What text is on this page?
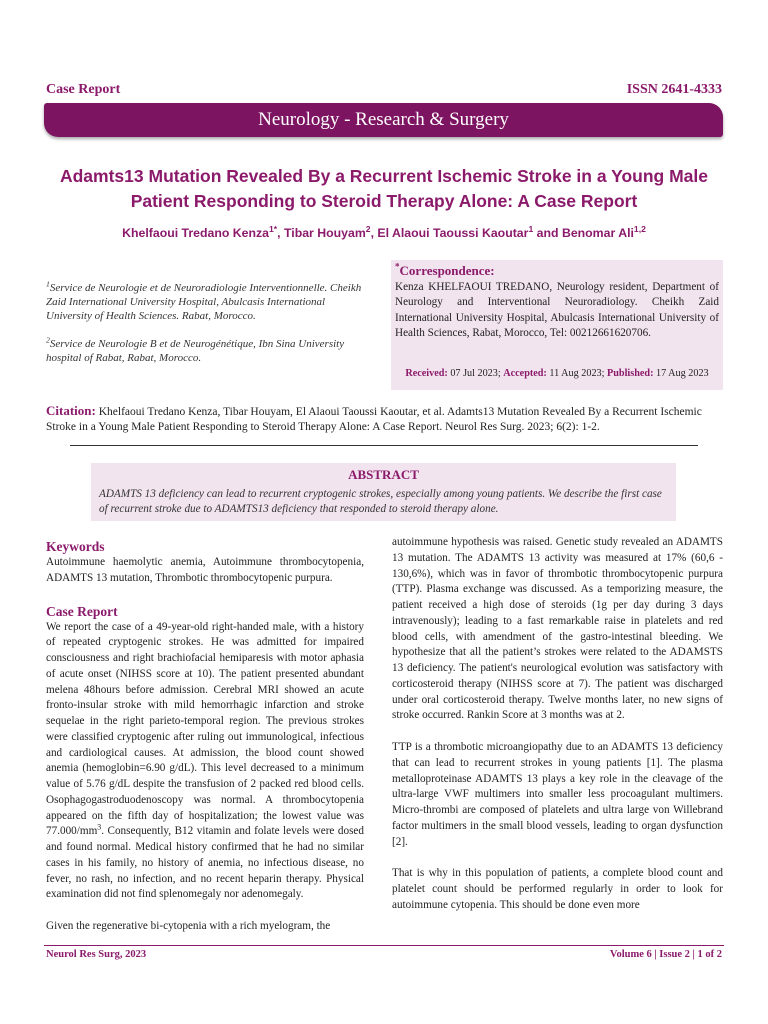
Case Report	ISSN 2641-4333
Neurology - Research & Surgery
Adamts13 Mutation Revealed By a Recurrent Ischemic Stroke in a Young Male Patient Responding to Steroid Therapy Alone: A Case Report
Khelfaoui Tredano Kenza$^{1*}$, Tibar Houyam$^2$, El Alaoui Taoussi Kaoutar$^1$ and Benomar Ali$^{1,2}$
$^1$Service de Neurologie et de Neuroradiologie Interventionnelle. Cheikh Zaid International University Hospital, Abulcasis International University of Health Sciences. Rabat, Morocco.
$^2$Service de Neurologie B et de Neurogénétique, Ibn Sina University hospital of Rabat, Rabat, Morocco.
*Correspondence:
Kenza KHELFAOUI TREDANO, Neurology resident, Department of Neurology and Interventional Neuroradiology. Cheikh Zaid International University Hospital, Abulcasis International University of Health Sciences, Rabat, Morocco, Tel: 00212661620706.
Received: 07 Jul 2023; Accepted: 11 Aug 2023; Published: 17 Aug 2023
Citation: Khelfaoui Tredano Kenza, Tibar Houyam, El Alaoui Taoussi Kaoutar, et al. Adamts13 Mutation Revealed By a Recurrent Ischemic Stroke in a Young Male Patient Responding to Steroid Therapy Alone: A Case Report. Neurol Res Surg. 2023; 6(2): 1-2.
ABSTRACT
ADAMTS 13 deficiency can lead to recurrent cryptogenic strokes, especially among young patients. We describe the first case of recurrent stroke due to ADAMTS13 deficiency that responded to steroid therapy alone.

Keywords

Autoimmune haemolytic anemia, Autoimmune thrombocytopenia, ADAMTS 13 mutation, Thrombotic thrombocytopenic purpura.

Case Report

We report the case of a 49-year-old right-handed male, with a history of repeated cryptogenic strokes. He was admitted for impaired consciousness and right brachiofacial hemiparesis with motor aphasia of acute onset (NIHSS score at 10). The patient presented abundant melena 48hours before admission. Cerebral MRI showed an acute fronto-insular stroke with mild hemorrhagic infarction and stroke sequelae in the right parieto-temporal region. The previous strokes were classified cryptogenic after ruling out immunological, infectious and cardiological causes. At admission, the blood count showed anemia (hemoglobin=6.90 g/dL). This level decreased to a minimum value of 5.76 g/dL despite the transfusion of 2 packed red blood cells. Osophagogastroduodenoscopy was normal. A thrombocytopenia appeared on the fifth day of hospitalization; the lowest value was $77.000/mm^3$. Consequently, B12 vitamin and folate levels were dosed and found normal. Medical history confirmed that he had no similar cases in his family, no history of anemia, no infectious disease, no fever, no rash, no infection, and no recent heparin therapy. Physical examination did not find splenomegaly nor adenomegaly.

Given the regenerative bi-cytopenia with a rich myelogram, the

autoimmune hypothesis was raised. Genetic study revealed an ADAMTS 13 mutation. The ADAMTS 13 activity was measured at 17% (60,6 - 130,6%), which was in favor of thrombotic thrombocytopenic purpura (TTP). Plasma exchange was discussed. As a temporizing measure, the patient received a high dose of steroids (1g per day during 3 days intravenously); leading to a fast remarkable raise in platelets and red blood cells, with amendment of the gastro-intestinal bleeding. We hypothesize that all the patient’s strokes were related to the ADAMSTS 13 deficiency. The patient's neurological evolution was satisfactory with corticosteroid therapy (NIHSS score at 7). The patient was discharged under oral corticosteroid therapy. Twelve months later, no new signs of stroke occurred. Rankin Score at 3 months was at 2.

TTP is a thrombotic microangiopathy due to an ADAMTS 13 deficiency that can lead to recurrent strokes in young patients [1]. The plasma metalloproteinase ADAMTS 13 plays a key role in the cleavage of the ultra-large VWF multimers into smaller less procoagulant multimers. Micro-thrombi are composed of platelets and ultra large von Willebrand factor multimers in the small blood vessels, leading to organ dysfunction [2].

That is why in this population of patients, a complete blood count and platelet count should be performed regularly in order to look for autoimmune cytopenia. This should be done even more

Neurol Res Surg, 2023	Volume 6 | Issue 2 | 1 of 2
